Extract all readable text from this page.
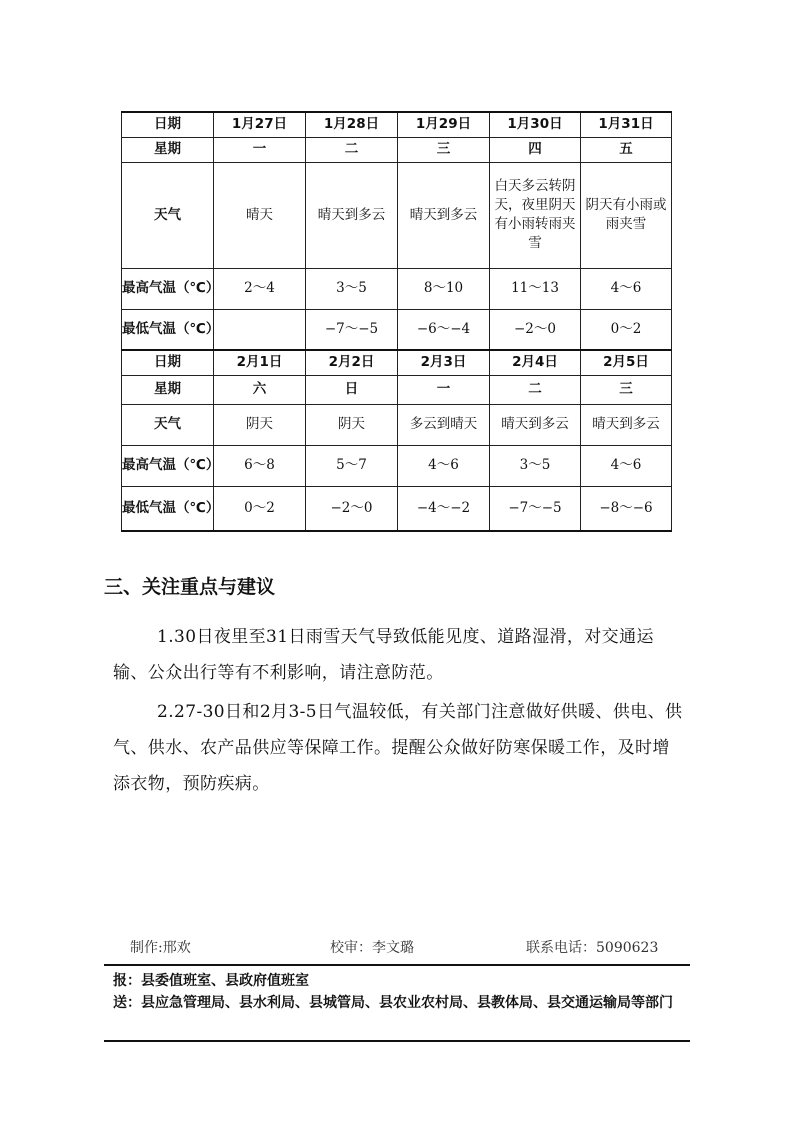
日期	1月27日	1月28日	1月29日	1月30日	1月31日
星期	一	二	三	四	五
天气	晴天	晴天到多云	晴天到多云	白天多云转阴天，夜里阴天有小雨转雨夹雪	阴天有小雨或雨夹雪
最高气温（℃）	2～4	3～5	8～10	11～13	4～6
最低气温（℃）		−7～−5	−6～−4	−2～0	0～2
日期	2月1日	2月2日	2月3日	2月4日	2月5日
星期	六	日	一	二	三
天气	阴天	阴天	多云到晴天	晴天到多云	晴天到多云
最高气温（℃）	6～8	5～7	4～6	3～5	4～6
最低气温（℃）	0～2	−2～0	−4～−2	−7～−5	−8～−6
三、关注重点与建议

1.30日夜里至31日雨雪天气导致低能见度、道路湿滑，对交通运输、公众出行等有不利影响，请注意防范。

2.27-30日和2月3-5日气温较低，有关部门注意做好供暖、供电、供气、供水、农产品供应等保障工作。提醒公众做好防寒保暖工作，及时增添衣物，预防疾病。

制作:邢欢	校审：李文璐	联系电话：5090623
报：县委值班室、县政府值班室
送：县应急管理局、县水利局、县城管局、县农业农村局、县教体局、县交通运输局等部门
